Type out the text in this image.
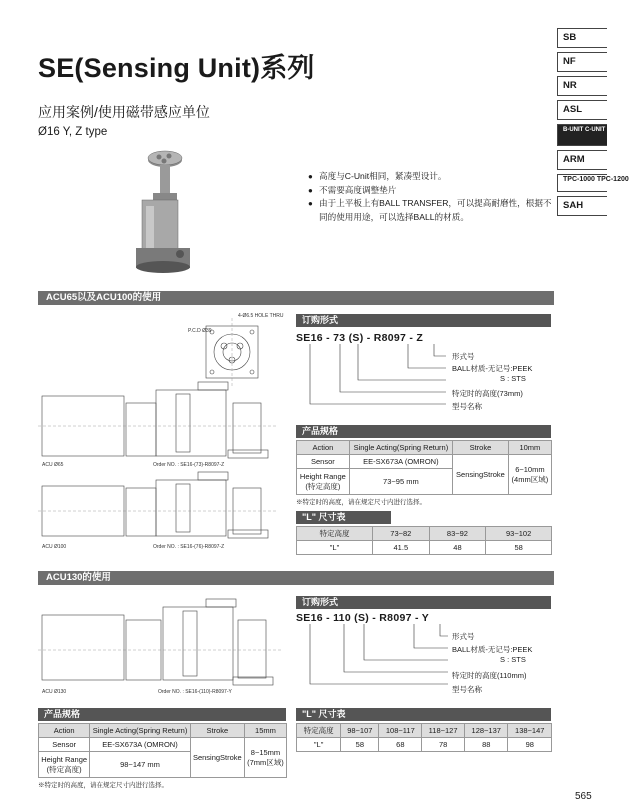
SE(Sensing Unit)系列
应用案例/使用磁带感应单位
Ø16 Y, Z type
SB
NF
NR
ASL
B-UNIT C-UNIT S-UNIT
ARM
TPC-1000 TPC-1200
SAH
● 高度与C-Unit相同，紧凑型设计。
● 不需要高度调整垫片
● 由于上平板上有BALL TRANSFER，可以提高耐磨性，根据不同的使用用途，可以选择BALL的材质。
ACU65以及ACU100的使用
4-Ø6.5 HOLE THRU
P.C.D Ø39
ACU Ø65	Order NO. : SE16-(73)-R8097-Z
ACU Ø100	Order NO. : SE16-(76)-R8097-Z
订购形式
SE16 - 73 (S) - R8097 - Z
形式号
BALL材质-无记号:PEEK
S : STS
特定时的高度(73mm)
型号名称
产品规格
Action	Single Acting(Spring Return)	Stroke	10mm
Sensor	EE-SX673A (OMRON)	SensingStroke	6~10mm
(4mm区域)
Height Range
(特定高度)	73~95 mm		
※特定时的高度，请在规定尺寸内进行选择。
"L" 尺寸表
特定高度	73~82	83~92	93~102
"L"	41.5	48	58
ACU130的使用
ACU Ø130	Order NO. : SE16-(110)-R8097-Y
订购形式
SE16 - 110 (S) - R8097 - Y
形式号
BALL材质-无记号:PEEK
S : STS
特定时的高度(110mm)
型号名称
产品规格
Action	Single Acting(Spring Return)	Stroke	15mm
Sensor	EE-SX673A (OMRON)	SensingStroke	8~15mm
(7mm区域)
Height Range
(特定高度)	98~147 mm		
※特定时的高度，请在规定尺寸内进行选择。
"L" 尺寸表
特定高度	98~107	108~117	118~127	128~137	138~147
"L"	58	68	78	88	98
565
